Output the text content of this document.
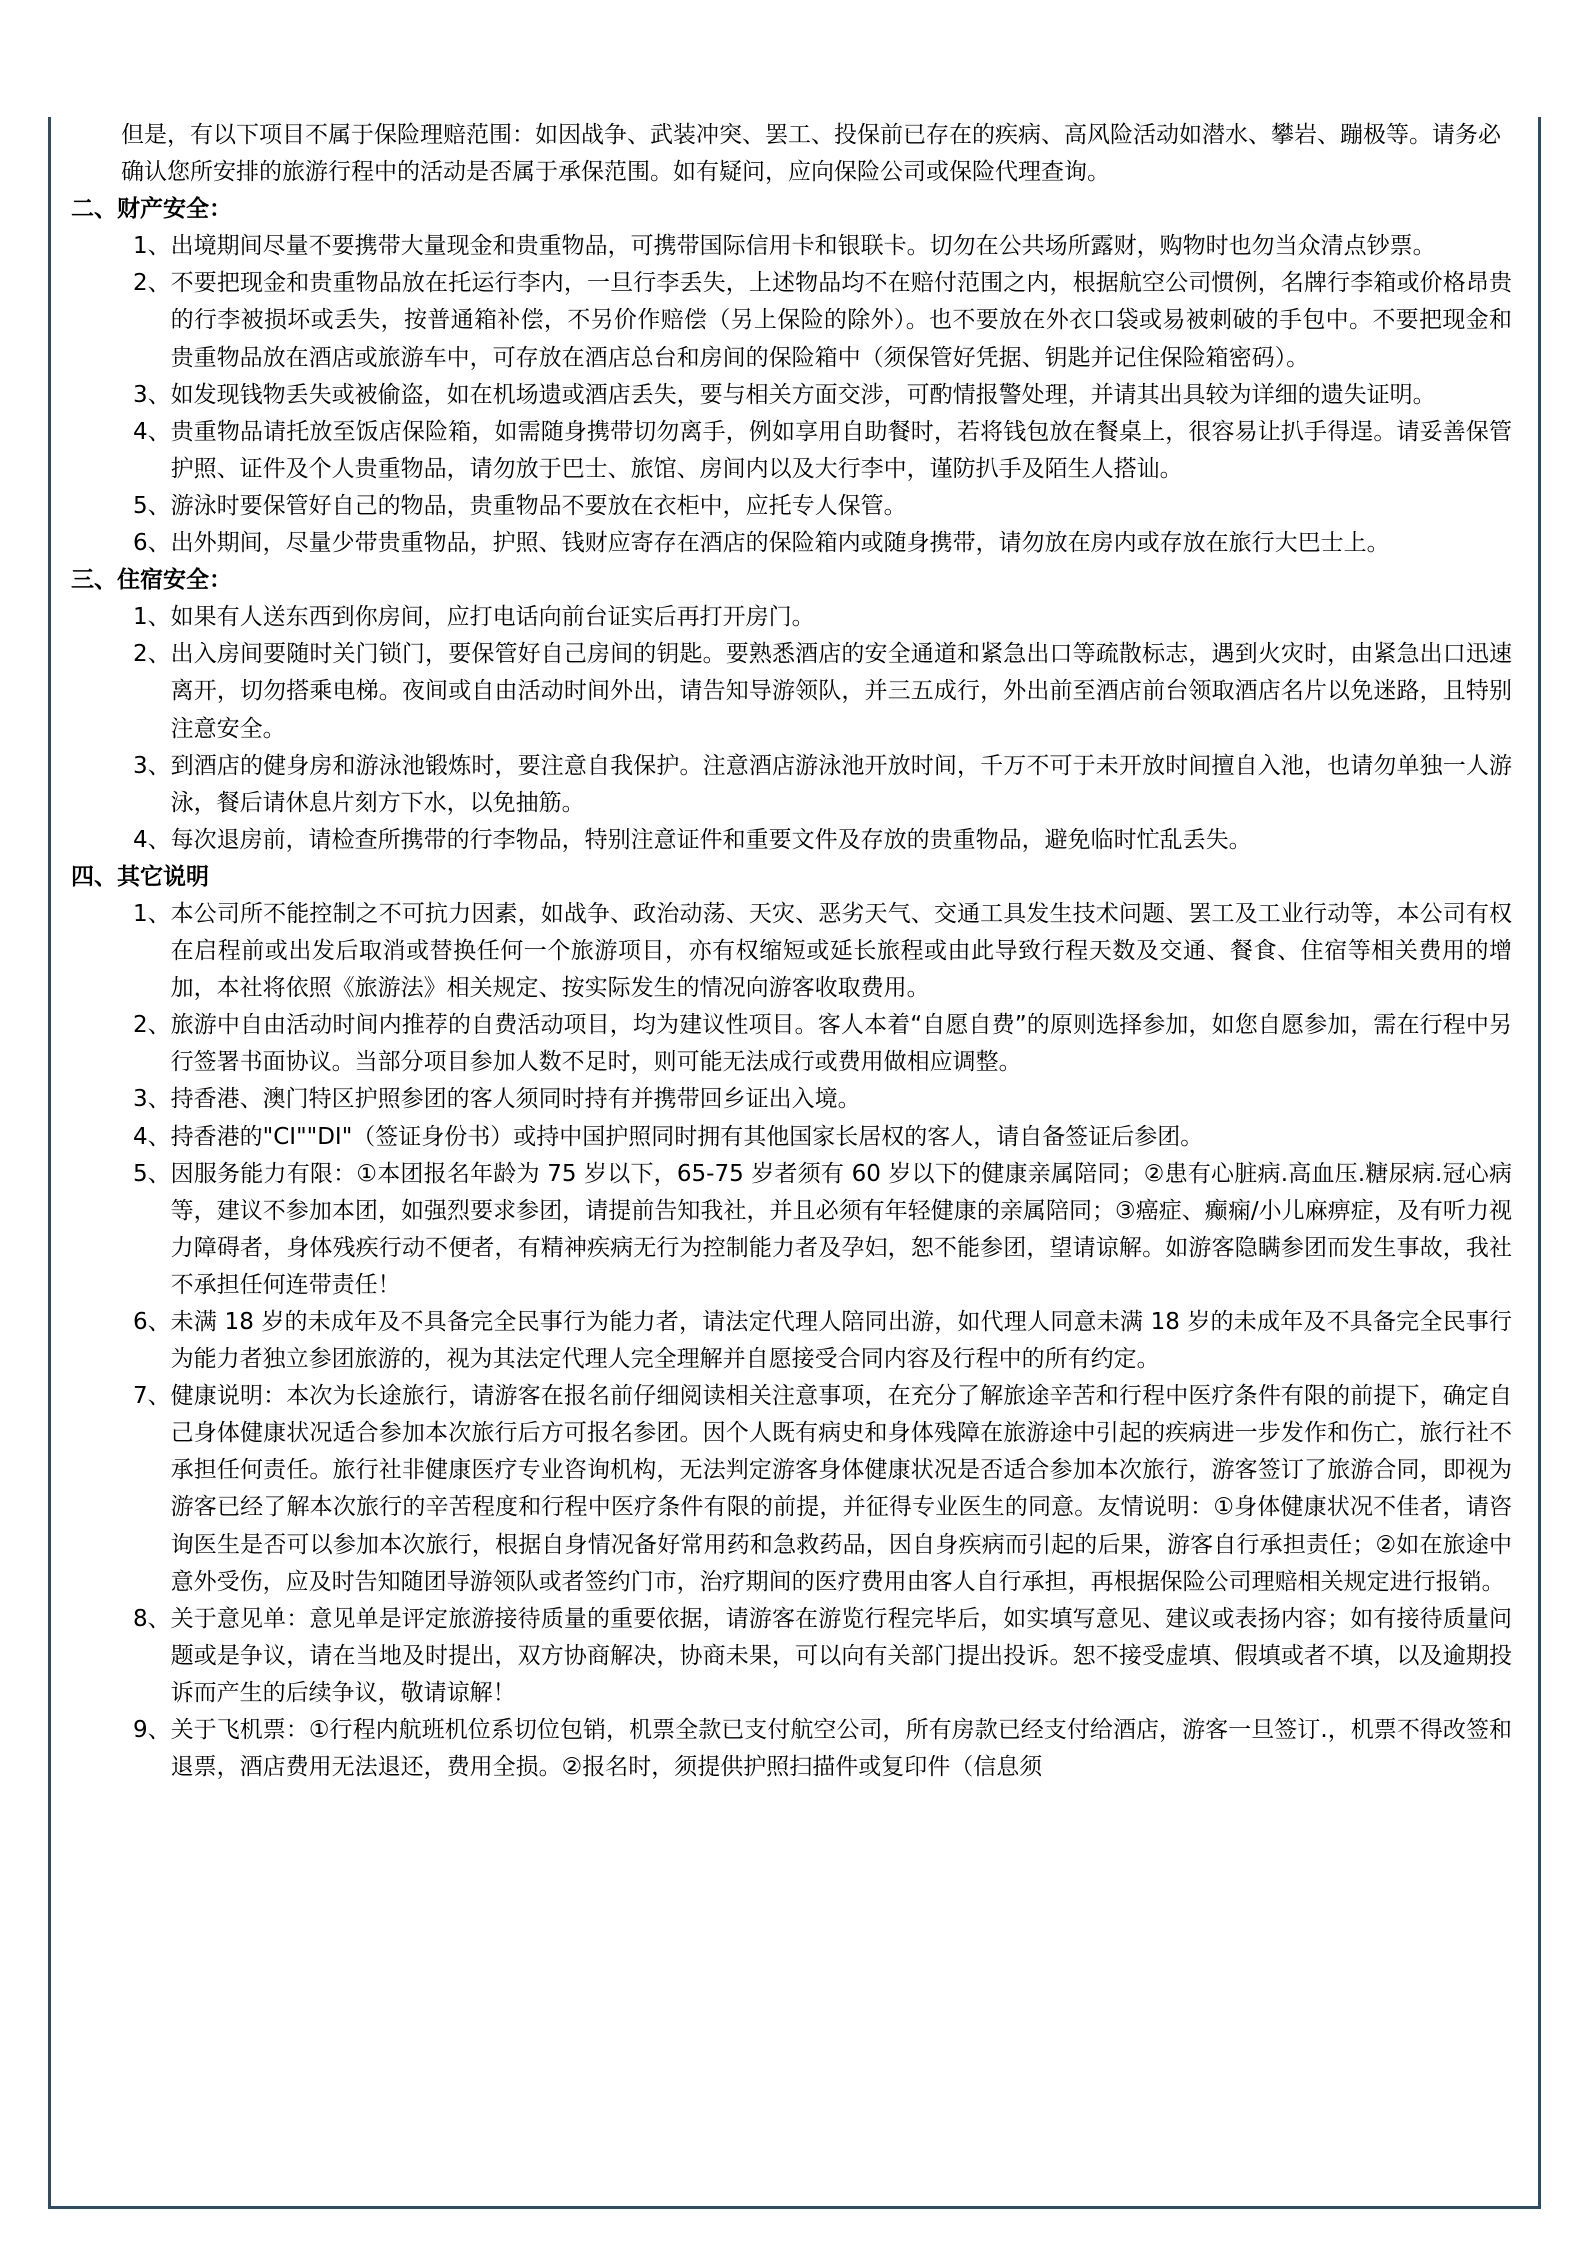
但是，有以下项目不属于保险理赔范围：如因战争、武装冲突、罢工、投保前已存在的疾病、高风险活动如潜水、攀岩、蹦极等。请务必确认您所安排的旅游行程中的活动是否属于承保范围。如有疑问，应向保险公司或保险代理查询。
二、财产安全：
1、 出境期间尽量不要携带大量现金和贵重物品，可携带国际信用卡和银联卡。切勿在公共场所露财，购物时也勿当众清点钞票。
2、 不要把现金和贵重物品放在托运行李内，一旦行李丢失，上述物品均不在赔付范围之内，根据航空公司惯例，名牌行李箱或价格昂贵的行李被损坏或丢失，按普通箱补偿，不另价作赔偿（另上保险的除外）。也不要放在外衣口袋或易被刺破的手包中。不要把现金和贵重物品放在酒店或旅游车中，可存放在酒店总台和房间的保险箱中（须保管好凭据、钥匙并记住保险箱密码）。
3、 如发现钱物丢失或被偷盗，如在机场遗或酒店丢失，要与相关方面交涉，可酌情报警处理，并请其出具较为详细的遗失证明。
4、 贵重物品请托放至饭店保险箱，如需随身携带切勿离手，例如享用自助餐时，若将钱包放在餐桌上，很容易让扒手得逞。请妥善保管护照、证件及个人贵重物品，请勿放于巴士、旅馆、房间内以及大行李中，谨防扒手及陌生人搭讪。
5、 游泳时要保管好自己的物品，贵重物品不要放在衣柜中，应托专人保管。
6、 出外期间，尽量少带贵重物品，护照、钱财应寄存在酒店的保险箱内或随身携带，请勿放在房内或存放在旅行大巴士上。
三、住宿安全：
1、 如果有人送东西到你房间，应打电话向前台证实后再打开房门。
2、 出入房间要随时关门锁门，要保管好自己房间的钥匙。要熟悉酒店的安全通道和紧急出口等疏散标志，遇到火灾时，由紧急出口迅速离开，切勿搭乘电梯。夜间或自由活动时间外出，请告知导游领队，并三五成行，外出前至酒店前台领取酒店名片以免迷路，且特别注意安全。
3、 到酒店的健身房和游泳池锻炼时，要注意自我保护。注意酒店游泳池开放时间，千万不可于未开放时间擅自入池，也请勿单独一人游泳，餐后请休息片刻方下水，以免抽筋。
4、 每次退房前，请检查所携带的行李物品，特别注意证件和重要文件及存放的贵重物品，避免临时忙乱丢失。
四、其它说明
1、 本公司所不能控制之不可抗力因素，如战争、政治动荡、天灾、恶劣天气、交通工具发生技术问题、罢工及工业行动等，本公司有权在启程前或出发后取消或替换任何一个旅游项目，亦有权缩短或延长旅程或由此导致行程天数及交通、餐食、住宿等相关费用的增加，本社将依照《旅游法》相关规定、按实际发生的情况向游客收取费用。
2、 旅游中自由活动时间内推荐的自费活动项目，均为建议性项目。客人本着“自愿自费”的原则选择参加，如您自愿参加，需在行程中另行签署书面协议。当部分项目参加人数不足时，则可能无法成行或费用做相应调整。
3、 持香港、澳门特区护照参团的客人须同时持有并携带回乡证出入境。
4、 持香港的"CI""DI"（签证身份书）或持中国护照同时拥有其他国家长居权的客人，请自备签证后参团。
5、 因服务能力有限：①本团报名年龄为 75 岁以下，65-75 岁者须有 60 岁以下的健康亲属陪同；②患有心脏病.高血压.糖尿病.冠心病等，建议不参加本团，如强烈要求参团，请提前告知我社，并且必须有年轻健康的亲属陪同；③癌症、癫痫/小儿麻痹症，及有听力视力障碍者，身体残疾行动不便者，有精神疾病无行为控制能力者及孕妇，恕不能参团，望请谅解。如游客隐瞒参团而发生事故，我社不承担任何连带责任！
6、 未满 18 岁的未成年及不具备完全民事行为能力者，请法定代理人陪同出游，如代理人同意未满 18 岁的未成年及不具备完全民事行为能力者独立参团旅游的，视为其法定代理人完全理解并自愿接受合同内容及行程中的所有约定。
7、 健康说明：本次为长途旅行，请游客在报名前仔细阅读相关注意事项，在充分了解旅途辛苦和行程中医疗条件有限的前提下，确定自己身体健康状况适合参加本次旅行后方可报名参团。因个人既有病史和身体残障在旅游途中引起的疾病进一步发作和伤亡，旅行社不承担任何责任。旅行社非健康医疗专业咨询机构，无法判定游客身体健康状况是否适合参加本次旅行，游客签订了旅游合同，即视为游客已经了解本次旅行的辛苦程度和行程中医疗条件有限的前提，并征得专业医生的同意。友情说明：①身体健康状况不佳者，请咨询医生是否可以参加本次旅行，根据自身情况备好常用药和急救药品，因自身疾病而引起的后果，游客自行承担责任；②如在旅途中意外受伤，应及时告知随团导游领队或者签约门市，治疗期间的医疗费用由客人自行承担，再根据保险公司理赔相关规定进行报销。
8、 关于意见单：意见单是评定旅游接待质量的重要依据，请游客在游览行程完毕后，如实填写意见、建议或表扬内容；如有接待质量问题或是争议，请在当地及时提出，双方协商解决，协商未果，可以向有关部门提出投诉。恕不接受虚填、假填或者不填，以及逾期投诉而产生的后续争议，敬请谅解！
9、 关于飞机票：①行程内航班机位系切位包销，机票全款已支付航空公司，所有房款已经支付给酒店，游客一旦签订.，机票不得改签和退票，酒店费用无法退还，费用全损。②报名时，须提供护照扫描件或复印件（信息须
